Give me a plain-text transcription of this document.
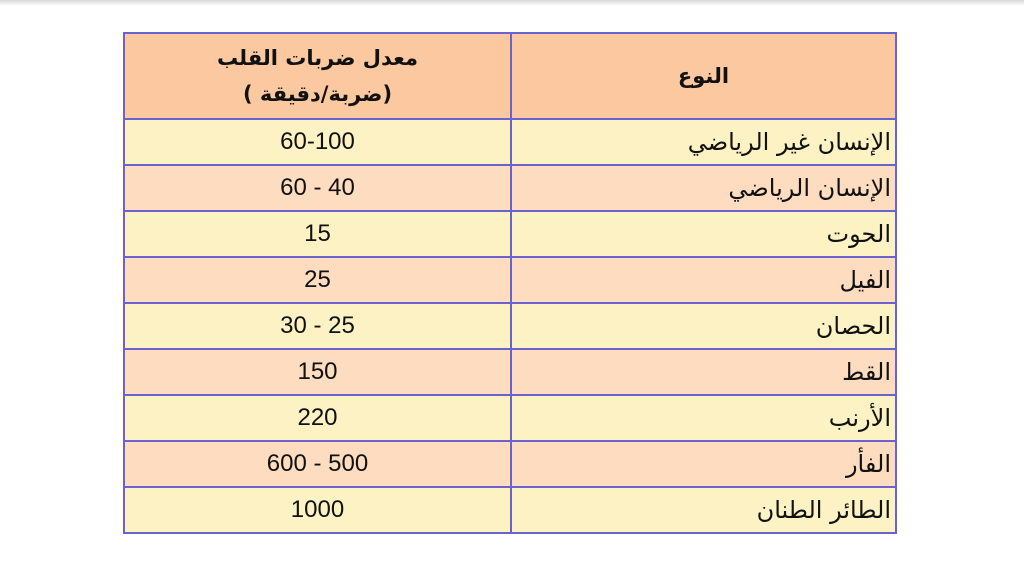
النوع	معدل ضربات القلب
(ضربة/دقيقة )

الإنسان غير الرياضي	60-100
الإنسان الرياضي	60 - 40
الحوت	15
الفيل	25
الحصان	30 - 25
القط	150
الأرنب	220
الفأر	600 - 500
الطائر الطنان	1000
